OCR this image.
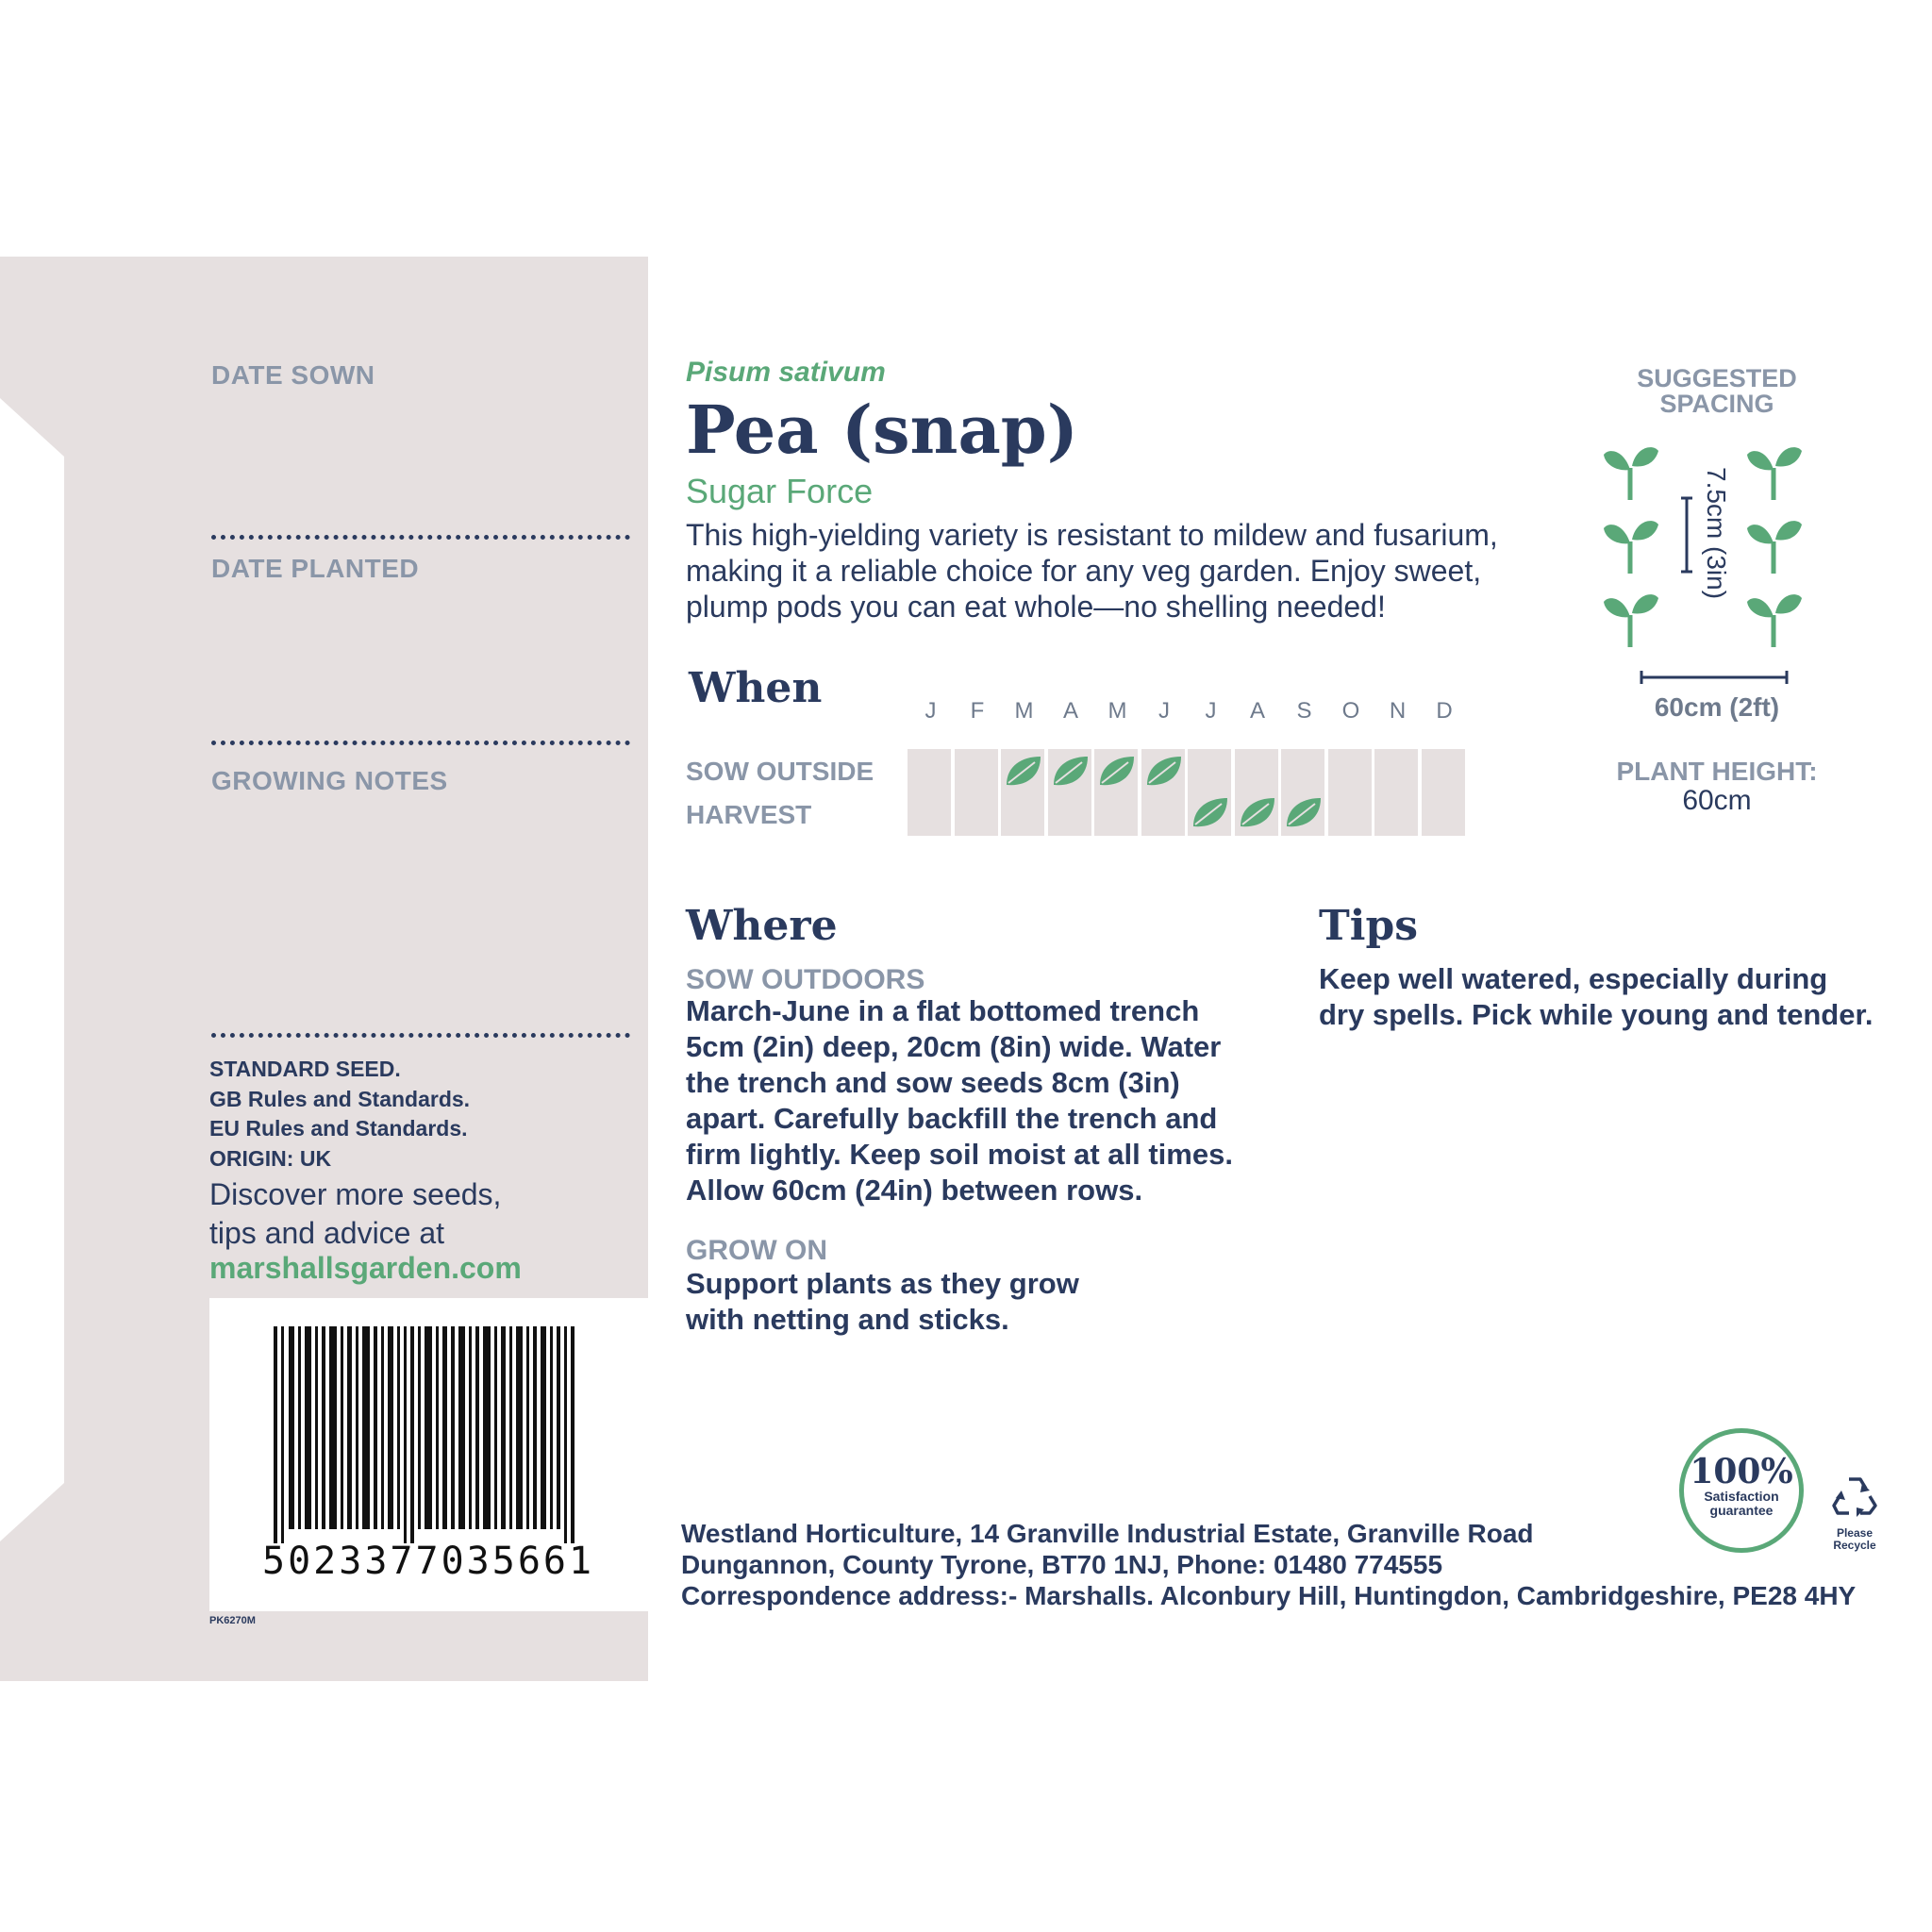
DATE SOWN
DATE PLANTED
GROWING NOTES
STANDARD SEED.
GB Rules and Standards.
EU Rules and Standards.
ORIGIN: UK
Discover more seeds,
tips and advice at
marshallsgarden.com
5023377035661
PK6270M
Pisum sativum
Pea (snap)
Sugar Force
This high-yielding variety is resistant to mildew and fusarium, making it a reliable choice for any veg garden. Enjoy sweet, plump pods you can eat whole—no shelling needed!
When	J	F	M	A	M	J	J	A	S	O	N	D
SOW OUTSIDE
HARVEST
SUGGESTED
SPACING
7.5cm (3in)
60cm (2ft)
PLANT HEIGHT:
60cm
Where
SOW OUTDOORS
March-June in a flat bottomed trench
5cm (2in) deep, 20cm (8in) wide. Water
the trench and sow seeds 8cm (3in)
apart. Carefully backfill the trench and
firm lightly. Keep soil moist at all times.
Allow 60cm (24in) between rows.
GROW ON
Support plants as they grow
with netting and sticks.
Tips
Keep well watered, especially during
dry spells. Pick while young and tender.
Westland Horticulture, 14 Granville Industrial Estate, Granville Road
Dungannon, County Tyrone, BT70 1NJ, Phone: 01480 774555
Correspondence address:- Marshalls. Alconbury Hill, Huntingdon, Cambridgeshire, PE28 4HY
100%
Satisfaction
guarantee
Please
Recycle
